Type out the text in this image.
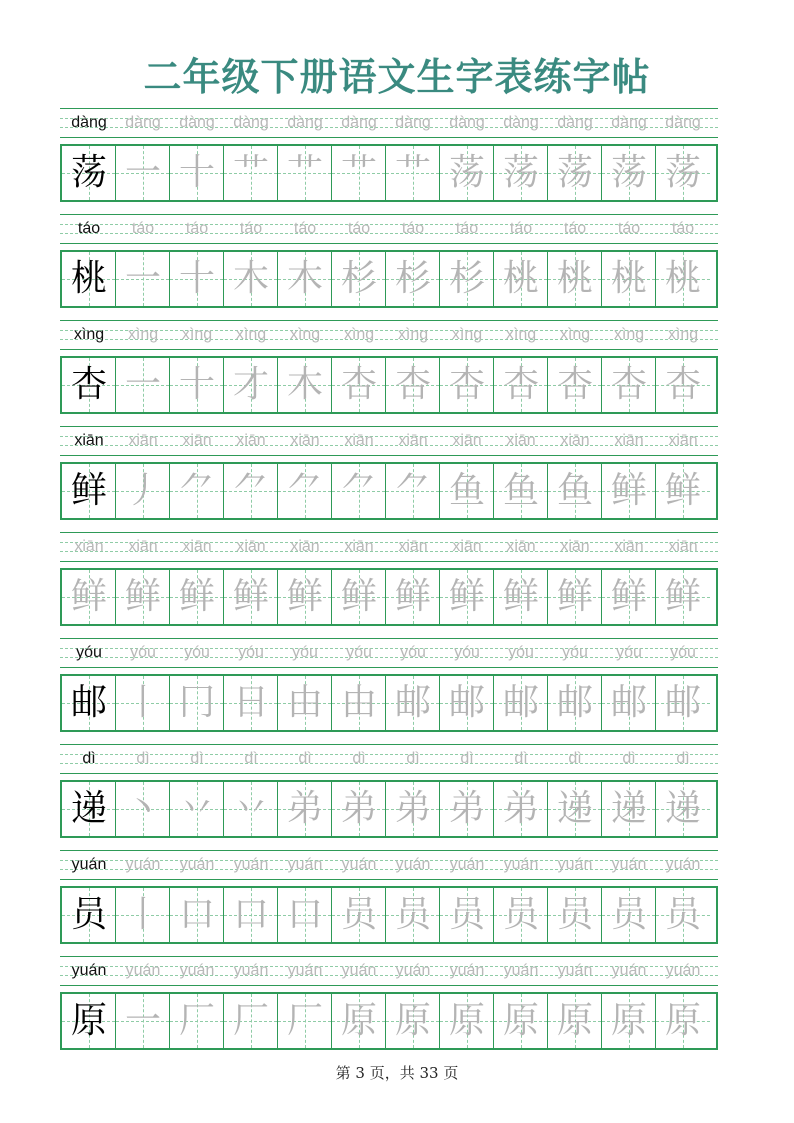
二年级下册语文生字表练字帖
dàng	dàng	dàng	dàng	dàng	dàng	dàng	dàng	dàng	dàng	dàng	dàng
荡 一 十 艹 艹 艹 艹 荡 荡 荡 荡 荡
táo	táo	táo	táo	táo	táo	táo	táo	táo	táo	táo	táo
桃 一 十 木 木 杉 杉 杉 桃 桃 桃 桃
xìng	xìng	xìng	xìng	xìng	xìng	xìng	xìng	xìng	xìng	xìng	xìng
杏 一 十 才 木 杏 杏 杏 杏 杏 杏 杏
xiān	xiān	xiān	xiān	xiān	xiān	xiān	xiān	xiān	xiān	xiān	xiān
鲜 丿 ⺈ ⺈ ⺈ ⺈ ⺈ 鱼 鱼 鱼 鲜 鲜
xiān	xiān	xiān	xiān	xiān	xiān	xiān	xiān	xiān	xiān	xiān	xiān
鲜 鲜 鲜 鲜 鲜 鲜 鲜 鲜 鲜 鲜 鲜 鲜
yóu	yóu	yóu	yóu	yóu	yóu	yóu	yóu	yóu	yóu	yóu	yóu
邮 丨 冂 日 由 由 邮 邮 邮 邮 邮 邮
dì	dì	dì	dì	dì	dì	dì	dì	dì	dì	dì	dì
递 丶 丷 丷 弟 弟 弟 弟 弟 递 递 递
yuán	yuán	yuán	yuán	yuán	yuán	yuán	yuán	yuán	yuán	yuán	yuán
员 丨 口 口 口 员 员 员 员 员 员 员
yuán	yuán	yuán	yuán	yuán	yuán	yuán	yuán	yuán	yuán	yuán	yuán
原 一 厂 厂 厂 原 原 原 原 原 原 原
第 3 页，共 33 页
